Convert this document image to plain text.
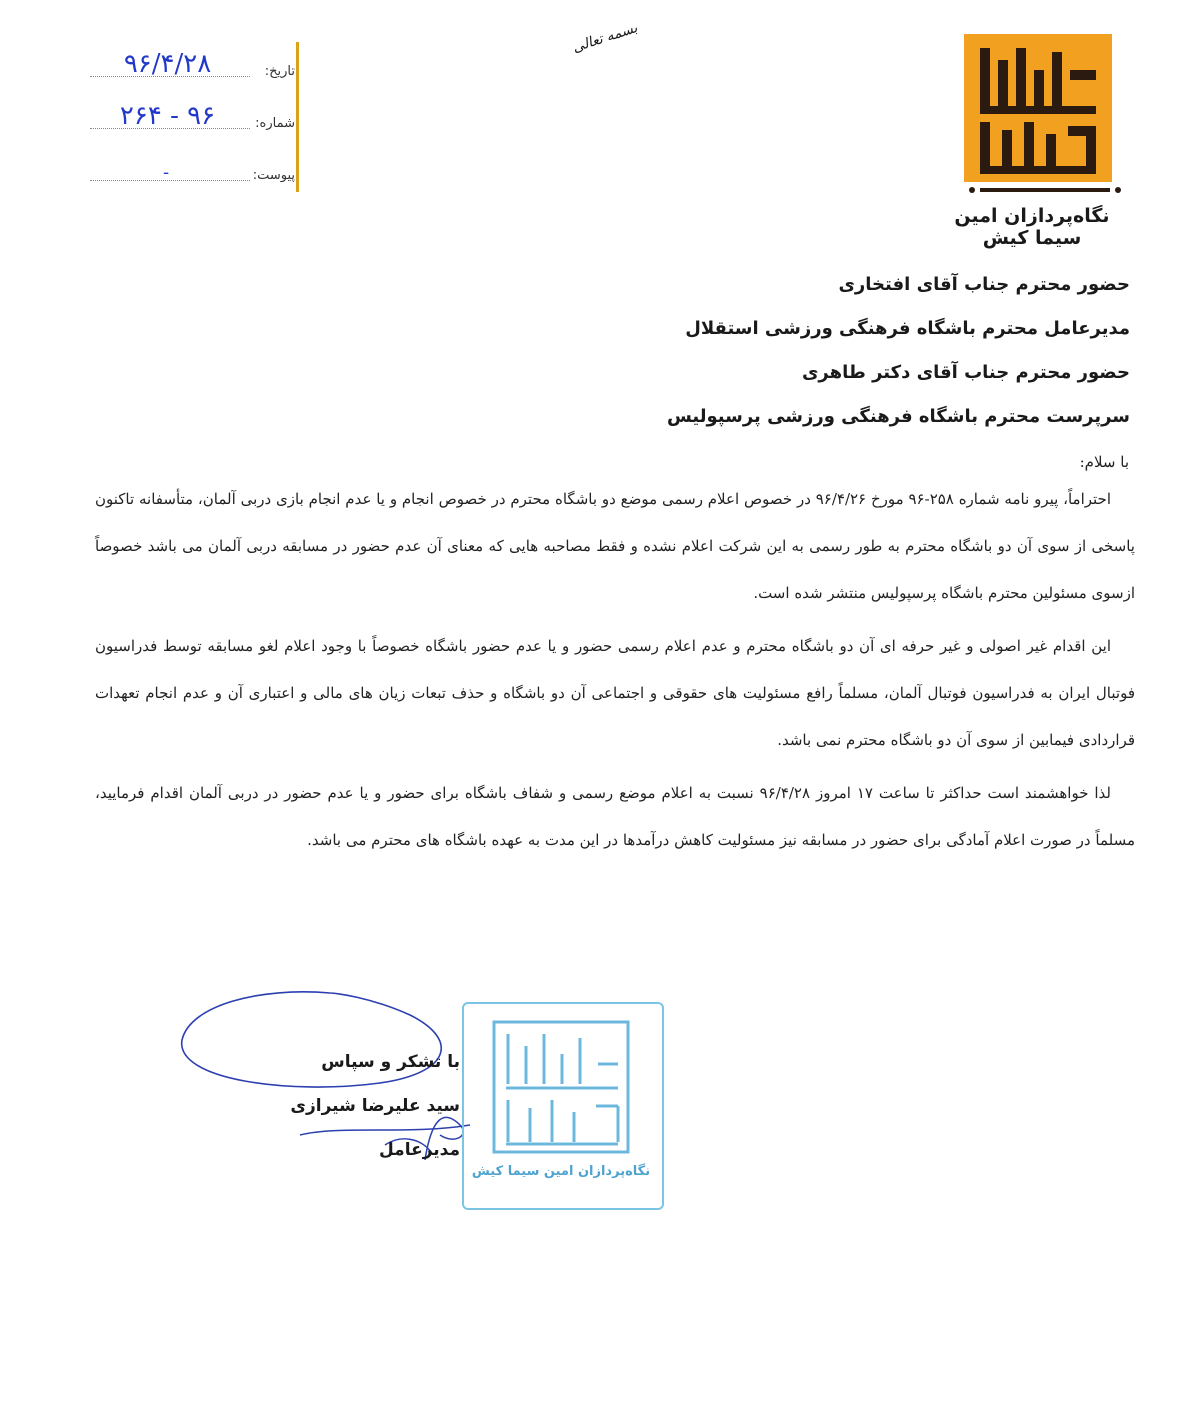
نگاه‌پردازان امین سیما کیش
بسمه تعالی
تاریخ:
۹۶/۴/۲۸
شماره:
۹۶ - ۲۶۴
پیوست:
-
حضور محترم جناب آقای افتخاری
مدیرعامل محترم باشگاه فرهنگی ورزشی استقلال
حضور محترم جناب آقای دکتر طاهری
سرپرست محترم باشگاه فرهنگی ورزشی پرسپولیس
با سلام:

احتراماً، پیرو نامه شماره ۲۵۸-۹۶ مورخ ۹۶/۴/۲۶ در خصوص اعلام رسمی موضع دو باشگاه محترم در خصوص انجام و یا عدم انجام بازی دربی آلمان، متأسفانه تاکنون پاسخی از سوی آن دو باشگاه محترم به طور رسمی به این شرکت اعلام نشده و فقط مصاحبه هایی که معنای آن عدم حضور در مسابقه دربی آلمان می باشد خصوصاً ازسوی مسئولین محترم باشگاه پرسپولیس منتشر شده است.

این اقدام غیر اصولی و غیر حرفه ای آن دو باشگاه محترم و عدم اعلام رسمی حضور و یا عدم حضور باشگاه خصوصاً با وجود اعلام لغو مسابقه توسط فدراسیون فوتبال ایران به فدراسیون فوتبال آلمان، مسلماً رافع مسئولیت های حقوقی و اجتماعی آن دو باشگاه و حذف تبعات زیان های مالی و اعتباری آن و عدم انجام تعهدات قراردادی فیمابین از سوی آن دو باشگاه محترم نمی باشد.

لذا خواهشمند است حداکثر تا ساعت ۱۷ امروز ۹۶/۴/۲۸ نسبت به اعلام موضع رسمی و شفاف باشگاه برای حضور و یا عدم حضور در دربی آلمان اقدام فرمایید، مسلماً در صورت اعلام آمادگی برای حضور در مسابقه نیز مسئولیت کاهش درآمدها در این مدت به عهده باشگاه های محترم می باشد.

با تشکر و سپاس
سید علیرضا شیرازی
مدیرعامل
نگاه‌پردازان امین سیما کیش
